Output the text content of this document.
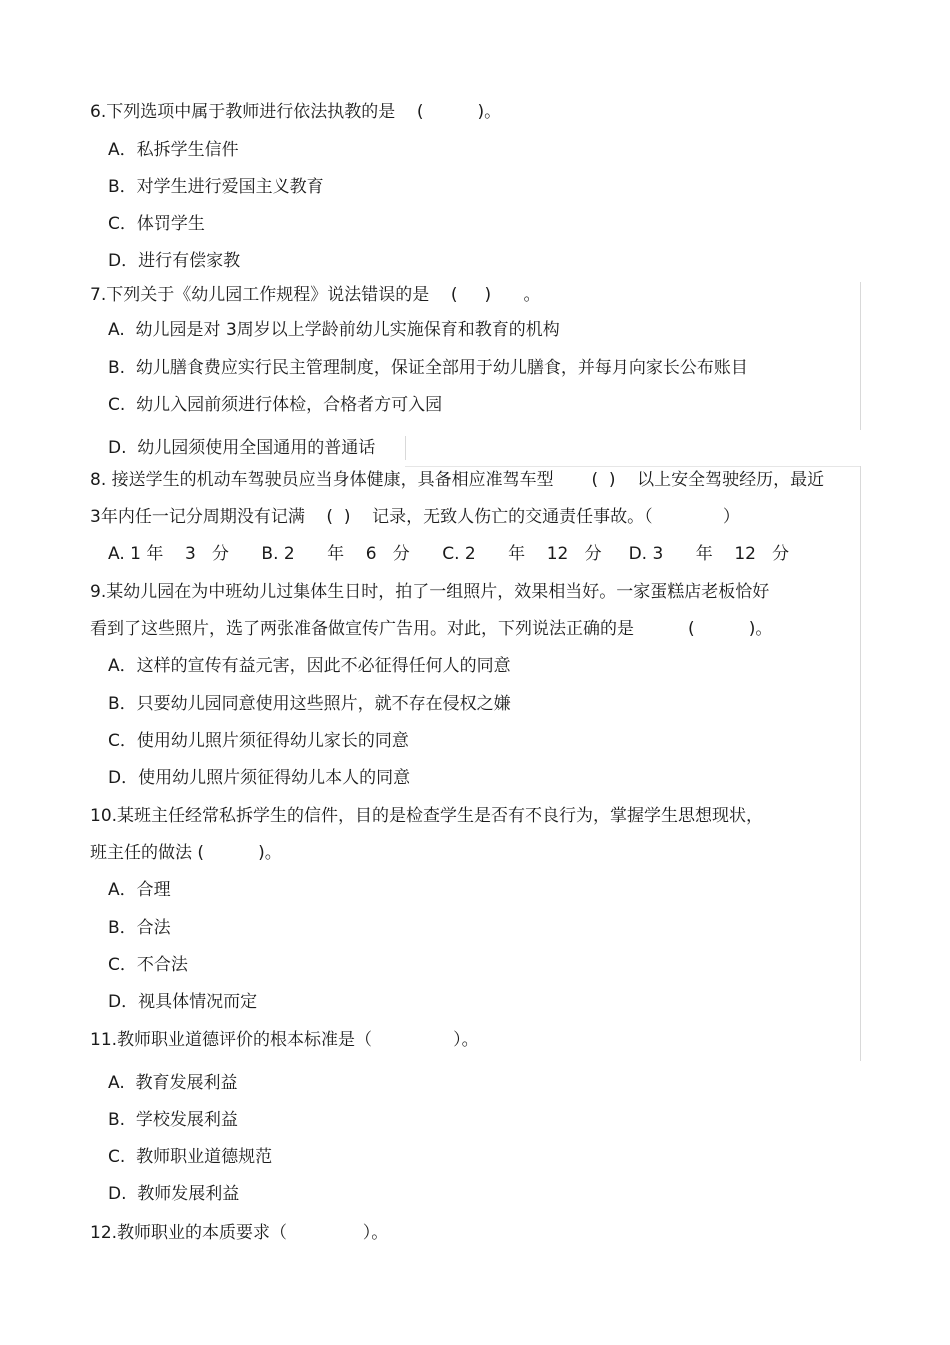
6.下列选项中属于教师进行依法执教的是    (          )。
A．私拆学生信件
B．对学生进行爱国主义教育
C．体罚学生
D．进行有偿家教
7.下列关于《幼儿园工作规程》说法错误的是    (     )      。
A.  幼儿园是对 3周岁以上学龄前幼儿实施保育和教育的机构
B.  幼儿膳食费应实行民主管理制度，保证全部用于幼儿膳食，并每月向家长公布账目
C.  幼儿入园前须进行体检，合格者方可入园
D.  幼儿园须使用全国通用的普通话
8. 接送学生的机动车驾驶员应当身体健康，具备相应准驾车型       (  )    以上安全驾驶经历，最近
3年内任一记分周期没有记满    (  )    记录，无致人伤亡的交通责任事故。（             ）
A. 1 年    3   分      B. 2      年    6   分      C. 2      年    12   分     D. 3      年    12   分
9.某幼儿园在为中班幼儿过集体生日时，拍了一组照片，效果相当好。一家蛋糕店老板恰好
看到了这些照片，选了两张准备做宣传广告用。对此，下列说法正确的是          (          )。
A．这样的宣传有益元害，因此不必征得任何人的同意
B．只要幼儿园同意使用这些照片，就不存在侵权之嫌
C．使用幼儿照片须征得幼儿家长的同意
D．使用幼儿照片须征得幼儿本人的同意
10.某班主任经常私拆学生的信件，目的是检查学生是否有不良行为，掌握学生思想现状，
班主任的做法 (          )。
A．合理
B．合法
C．不合法
D．视具体情况而定
11.教师职业道德评价的根本标准是（               ）。
A.  教育发展利益
B.  学校发展利益
C.  教师职业道德规范
D.  教师发展利益
12.教师职业的本质要求（              ）。
